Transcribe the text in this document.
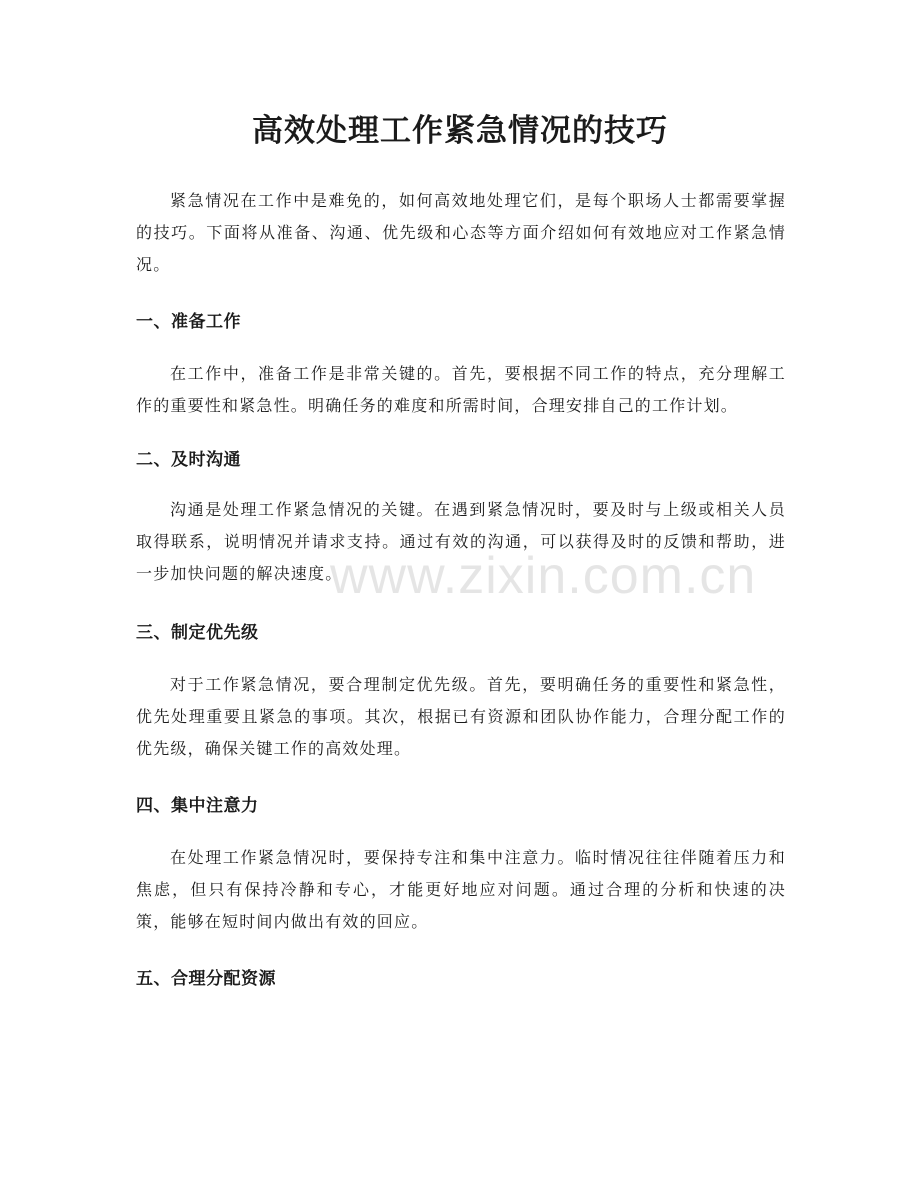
高效处理工作紧急情况的技巧

紧急情况在工作中是难免的，如何高效地处理它们，是每个职场人士都需要掌握的技巧。下面将从准备、沟通、优先级和心态等方面介绍如何有效地应对工作紧急情况。

一、准备工作

在工作中，准备工作是非常关键的。首先，要根据不同工作的特点，充分理解工作的重要性和紧急性。明确任务的难度和所需时间，合理安排自己的工作计划。

二、及时沟通

沟通是处理工作紧急情况的关键。在遇到紧急情况时，要及时与上级或相关人员取得联系，说明情况并请求支持。通过有效的沟通，可以获得及时的反馈和帮助，进一步加快问题的解决速度。

三、制定优先级

对于工作紧急情况，要合理制定优先级。首先，要明确任务的重要性和紧急性，优先处理重要且紧急的事项。其次，根据已有资源和团队协作能力，合理分配工作的优先级，确保关键工作的高效处理。

四、集中注意力

在处理工作紧急情况时，要保持专注和集中注意力。临时情况往往伴随着压力和焦虑，但只有保持冷静和专心，才能更好地应对问题。通过合理的分析和快速的决策，能够在短时间内做出有效的回应。

五、合理分配资源
www.zixin.com.cn
